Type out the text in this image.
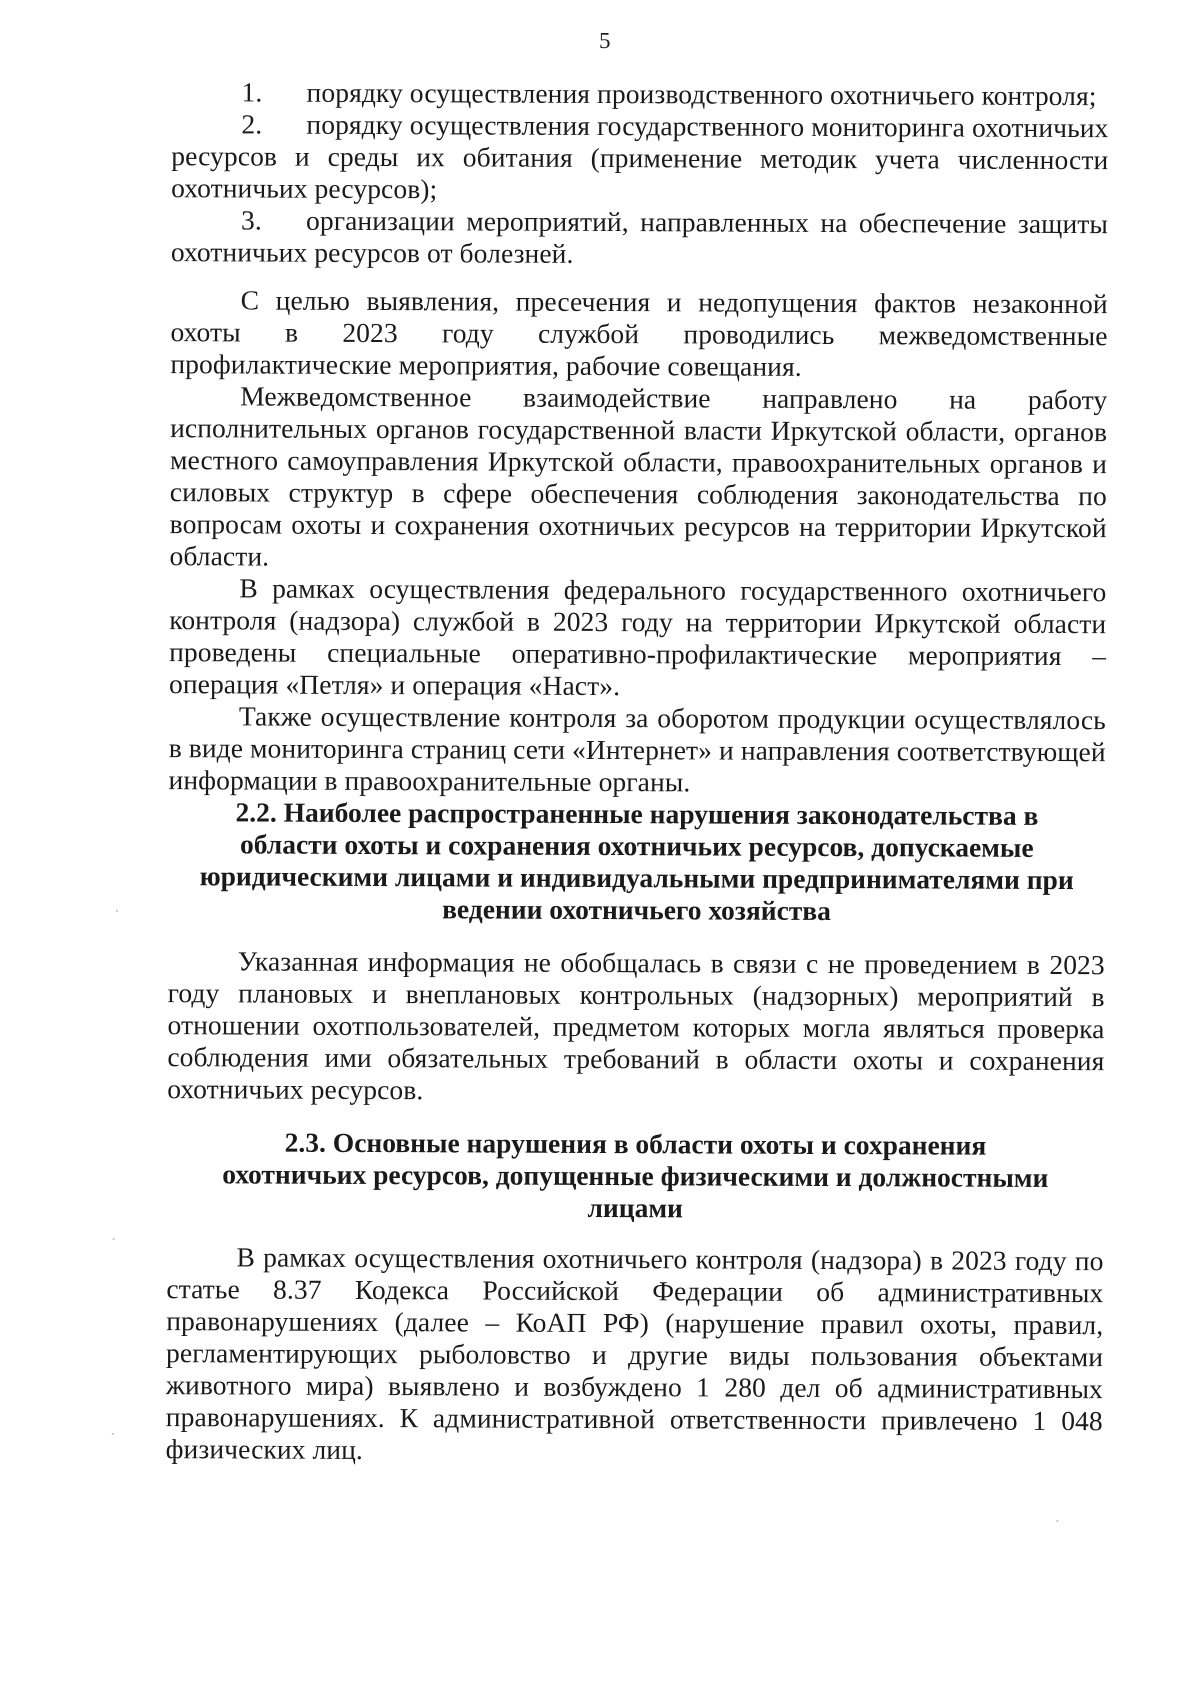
5

1. порядку осуществления производственного охотничьего контроля;

2. порядку осуществления государственного мониторинга охотничьих ресурсов и среды их обитания (применение методик учета численности охотничьих ресурсов);

3. организации мероприятий, направленных на обеспечение защиты охотничьих ресурсов от болезней.

С целью выявления, пресечения и недопущения фактов незаконной охоты в 2023 году службой проводились межведомственные профилактические мероприятия, рабочие совещания.

Межведомственное взаимодействие направлено на работу исполнительных органов государственной власти Иркутской области, органов местного самоуправления Иркутской области, правоохранительных органов и силовых структур в сфере обеспечения соблюдения законодательства по вопросам охоты и сохранения охотничьих ресурсов на территории Иркутской области.

В рамках осуществления федерального государственного охотничьего контроля (надзора) службой в 2023 году на территории Иркутской области проведены специальные оперативно-профилактические мероприятия – операция «Петля» и операция «Наст».

Также осуществление контроля за оборотом продукции осуществлялось в виде мониторинга страниц сети «Интернет» и направления соответствующей информации в правоохранительные органы.

2.2. Наиболее распространенные нарушения законодательства в
области охоты и сохранения охотничьих ресурсов, допускаемые
юридическими лицами и индивидуальными предпринимателями при
ведении охотничьего хозяйства

Указанная информация не обобщалась в связи с не проведением в 2023 году плановых и внеплановых контрольных (надзорных) мероприятий в отношении охотпользователей, предметом которых могла являться проверка соблюдения ими обязательных требований в области охоты и сохранения охотничьих ресурсов.

2.3. Основные нарушения в области охоты и сохранения
охотничьих ресурсов, допущенные физическими и должностными
лицами

В рамках осуществления охотничьего контроля (надзора) в 2023 году по статье 8.37 Кодекса Российской Федерации об административных правонарушениях (далее – КоАП РФ) (нарушение правил охоты, правил, регламентирующих рыболовство и другие виды пользования объектами животного мира) выявлено и возбуждено 1 280 дел об административных правонарушениях. К административной ответственности привлечено 1 048 физических лиц.
